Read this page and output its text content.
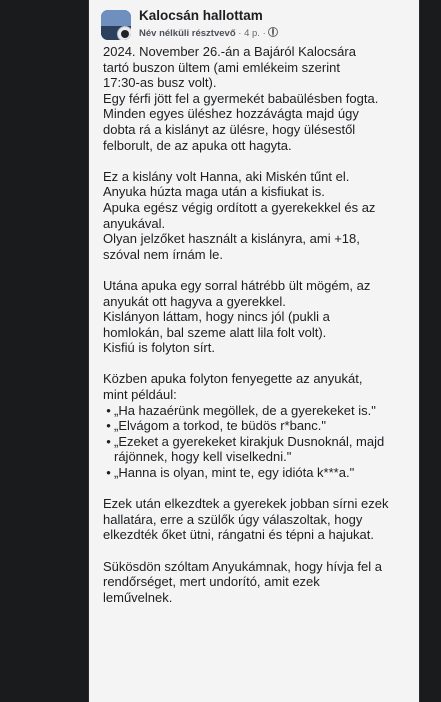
Kalocsán hallottam
Név nélküli résztvevő · 4 p. ·
2024. November 26.-án a Bajáról Kalocsára
tartó buszon ültem (ami emlékeim szerint
17:30-as busz volt).
Egy férfi jött fel a gyermekét babaülésben fogta.
Minden egyes üléshez hozzávágta majd úgy
dobta rá a kislányt az ülésre, hogy ülésestől
felborult, de az apuka ott hagyta.
Ez a kislány volt Hanna, aki Miskén tűnt el.
Anyuka húzta maga után a kisfiukat is.
Apuka egész végig ordított a gyerekekkel és az
anyukával.
Olyan jelzőket használt a kislányra, ami +18,
szóval nem írnám le.
Utána apuka egy sorral hátrébb ült mögém, az
anyukát ott hagyva a gyerekkel.
Kislányon láttam, hogy nincs jól (pukli a
homlokán, bal szeme alatt lila folt volt).
Kisfiú is folyton sírt.
Közben apuka folyton fenyegette az anyukát,
mint például:
• „Ha hazaérünk megöllek, de a gyerekeket is."
• „Elvágom a torkod, te büdös r*banc."
• „Ezeket a gyerekeket kirakjuk Dusnoknál, majd
rájönnek, hogy kell viselkedni."
• „Hanna is olyan, mint te, egy idióta k***a."
Ezek után elkezdtek a gyerekek jobban sírni ezek
hallatára, erre a szülők úgy válaszoltak, hogy
elkezdték őket ütni, rángatni és tépni a hajukat.
Sükösdön szóltam Anyukámnak, hogy hívja fel a
rendőrséget, mert undorító, amit ezek
leművelnek.
